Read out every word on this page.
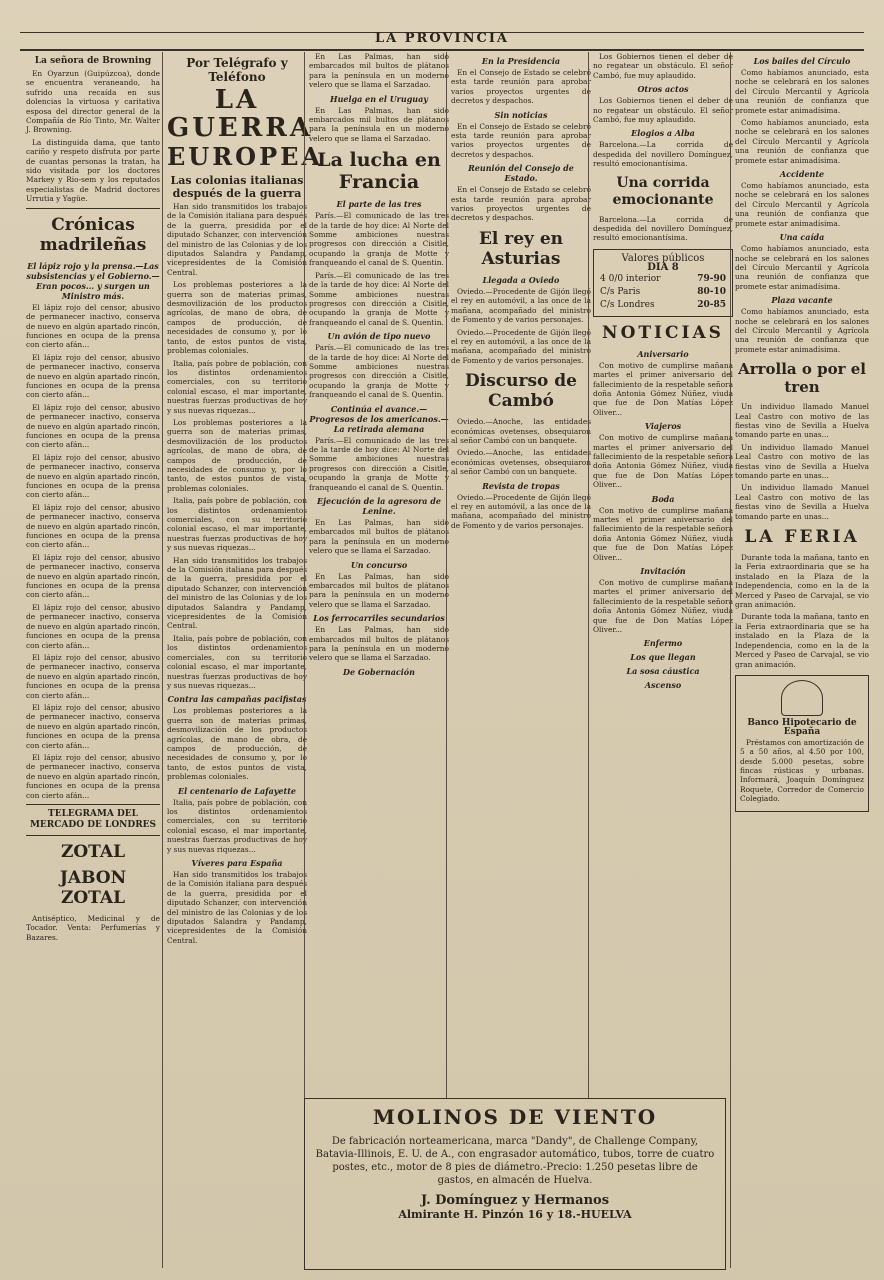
LA PROVINCIA
La señora de Browning

En Oyarzun (Guipúzcoa), donde se encuentra veraneando, ha sufrido una recaída en sus dolencias la virtuosa y caritativa esposa del director general de la Compañía de Río Tinto, Mr. Walter J. Browning.

La distinguida dama, que tanto cariño y respeto disfruta por parte de cuantas personas la tratan, ha sido visitada por los doctores Markey y Rio-sem y los reputados especialistas de Madrid doctores Urrutia y Yagüe.

Crónicas madrileñas
El lápiz rojo y la prensa.—Las subsistencias y el Gobierno.—Eran pocos... y surgen un Ministro más.

El lápiz rojo del censor, abusivo de permanecer inactivo, conserva de nuevo en algún apartado rincón, funciones en ocupa de la prensa con cierto afán...

El lápiz rojo del censor, abusivo de permanecer inactivo, conserva de nuevo en algún apartado rincón, funciones en ocupa de la prensa con cierto afán...

El lápiz rojo del censor, abusivo de permanecer inactivo, conserva de nuevo en algún apartado rincón, funciones en ocupa de la prensa con cierto afán...

El lápiz rojo del censor, abusivo de permanecer inactivo, conserva de nuevo en algún apartado rincón, funciones en ocupa de la prensa con cierto afán...

El lápiz rojo del censor, abusivo de permanecer inactivo, conserva de nuevo en algún apartado rincón, funciones en ocupa de la prensa con cierto afán...

El lápiz rojo del censor, abusivo de permanecer inactivo, conserva de nuevo en algún apartado rincón, funciones en ocupa de la prensa con cierto afán...

El lápiz rojo del censor, abusivo de permanecer inactivo, conserva de nuevo en algún apartado rincón, funciones en ocupa de la prensa con cierto afán...

El lápiz rojo del censor, abusivo de permanecer inactivo, conserva de nuevo en algún apartado rincón, funciones en ocupa de la prensa con cierto afán...

El lápiz rojo del censor, abusivo de permanecer inactivo, conserva de nuevo en algún apartado rincón, funciones en ocupa de la prensa con cierto afán...

El lápiz rojo del censor, abusivo de permanecer inactivo, conserva de nuevo en algún apartado rincón, funciones en ocupa de la prensa con cierto afán...

TELEGRAMA DEL MERCADO DE LONDRES
ZOTAL
JABON ZOTAL

Antiséptico, Medicinal y de Tocador. Venta: Perfumerías y Bazares.

Por Telégrafo y Teléfono
LA GUERRA
EUROPEA
Las colonias italianas después de la guerra

Han sido transmitidos los trabajos de la Comisión italiana para después de la guerra, presidida por el diputado Schanzer, con intervención del ministro de las Colonias y de los diputados Salandra y Pandamp, vicepresidentes de la Comisión Central.

Los problemas posteriores a la guerra son de materias primas, desmovilización de los productos agrícolas, de mano de obra, de campos de producción, de necesidades de consumo y, por lo tanto, de estos puntos de vista, problemas coloniales.

Italia, país pobre de población, con los distintos ordenamientos comerciales, con su territorio colonial escaso, el mar importante, nuestras fuerzas productivas de hoy y sus nuevas riquezas...

Los problemas posteriores a la guerra son de materias primas, desmovilización de los productos agrícolas, de mano de obra, de campos de producción, de necesidades de consumo y, por lo tanto, de estos puntos de vista, problemas coloniales.

Italia, país pobre de población, con los distintos ordenamientos comerciales, con su territorio colonial escaso, el mar importante, nuestras fuerzas productivas de hoy y sus nuevas riquezas...

Han sido transmitidos los trabajos de la Comisión italiana para después de la guerra, presidida por el diputado Schanzer, con intervención del ministro de las Colonias y de los diputados Salandra y Pandamp, vicepresidentes de la Comisión Central.

Italia, país pobre de población, con los distintos ordenamientos comerciales, con su territorio colonial escaso, el mar importante, nuestras fuerzas productivas de hoy y sus nuevas riquezas...

Contra las campañas pacifistas

Los problemas posteriores a la guerra son de materias primas, desmovilización de los productos agrícolas, de mano de obra, de campos de producción, de necesidades de consumo y, por lo tanto, de estos puntos de vista, problemas coloniales.

El centenario de Lafayette

Italia, país pobre de población, con los distintos ordenamientos comerciales, con su territorio colonial escaso, el mar importante, nuestras fuerzas productivas de hoy y sus nuevas riquezas...

Víveres para España

Han sido transmitidos los trabajos de la Comisión italiana para después de la guerra, presidida por el diputado Schanzer, con intervención del ministro de las Colonias y de los diputados Salandra y Pandamp, vicepresidentes de la Comisión Central.

En Las Palmas, han sido embarcados mil bultos de plátanos para la península en un moderno velero que se llama el Sarzadao.

Huelga en el Uruguay

En Las Palmas, han sido embarcados mil bultos de plátanos para la península en un moderno velero que se llama el Sarzadao.

La lucha en Francia
El parte de las tres

París.—El comunicado de las tres de la tarde de hoy dice: Al Norte del Somme ambiciones nuestras progresos con dirección a Cisitle, ocupando la granja de Motte y franqueando el canal de S. Quentin.

París.—El comunicado de las tres de la tarde de hoy dice: Al Norte del Somme ambiciones nuestras progresos con dirección a Cisitle, ocupando la granja de Motte y franqueando el canal de S. Quentin.

Un avión de tipo nuevo

París.—El comunicado de las tres de la tarde de hoy dice: Al Norte del Somme ambiciones nuestras progresos con dirección a Cisitle, ocupando la granja de Motte y franqueando el canal de S. Quentin.

Continúa el avance.—Progresos de los americanos.—La retirada alemana

París.—El comunicado de las tres de la tarde de hoy dice: Al Norte del Somme ambiciones nuestras progresos con dirección a Cisitle, ocupando la granja de Motte y franqueando el canal de S. Quentin.

Ejecución de la agresora de Lenine.

En Las Palmas, han sido embarcados mil bultos de plátanos para la península en un moderno velero que se llama el Sarzadao.

Un concurso

En Las Palmas, han sido embarcados mil bultos de plátanos para la península en un moderno velero que se llama el Sarzadao.

Los ferrocarriles secundarios

En Las Palmas, han sido embarcados mil bultos de plátanos para la península en un moderno velero que se llama el Sarzadao.

De Gobernación
En la Presidencia

En el Consejo de Estado se celebró esta tarde reunión para aprobar varios proyectos urgentes de decretos y despachos.

Sin noticias

En el Consejo de Estado se celebró esta tarde reunión para aprobar varios proyectos urgentes de decretos y despachos.

Reunión del Consejo de Estado.

En el Consejo de Estado se celebró esta tarde reunión para aprobar varios proyectos urgentes de decretos y despachos.

El rey en Asturias
Llegada a Oviedo

Oviedo.—Procedente de Gijón llegó el rey en automóvil, a las once de la mañana, acompañado del ministro de Fomento y de varios personajes.

Oviedo.—Procedente de Gijón llegó el rey en automóvil, a las once de la mañana, acompañado del ministro de Fomento y de varios personajes.

Discurso de Cambó

Oviedo.—Anoche, las entidades económicas ovetenses, obsequiaron al señor Cambó con un banquete.

Oviedo.—Anoche, las entidades económicas ovetenses, obsequiaron al señor Cambó con un banquete.

Revista de tropas

Oviedo.—Procedente de Gijón llegó el rey en automóvil, a las once de la mañana, acompañado del ministro de Fomento y de varios personajes.

Los Gobiernos tienen el deber de no regatear un obstáculo. El señor Cambó, fue muy aplaudido.

Otros actos

Los Gobiernos tienen el deber de no regatear un obstáculo. El señor Cambó, fue muy aplaudido.

Elogios a Alba

Barcelona.—La corrida de despedida del novillero Domínguez, resultó emocionantísima.

Una corrida emocionante

Barcelona.—La corrida de despedida del novillero Domínguez, resultó emocionantísima.

Valores públicos
DIA 8
4 0/0 interior	79-90
C/s Paris	80-10
C/s Londres	20-85
NOTICIAS
Aniversario

Con motivo de cumplirse mañana martes el primer aniversario del fallecimiento de la respetable señora doña Antonia Gómez Núñez, viuda que fue de Don Matías López Oliver...

Viajeros

Con motivo de cumplirse mañana martes el primer aniversario del fallecimiento de la respetable señora doña Antonia Gómez Núñez, viuda que fue de Don Matías López Oliver...

Boda

Con motivo de cumplirse mañana martes el primer aniversario del fallecimiento de la respetable señora doña Antonia Gómez Núñez, viuda que fue de Don Matías López Oliver...

Invitación

Con motivo de cumplirse mañana martes el primer aniversario del fallecimiento de la respetable señora doña Antonia Gómez Núñez, viuda que fue de Don Matías López Oliver...

Enfermo
Los que llegan
La sosa cáustica
Ascenso
Los bailes del Círculo

Como habíamos anunciado, esta noche se celebrará en los salones del Círculo Mercantil y Agrícola una reunión de confianza que promete estar animadísima.

Como habíamos anunciado, esta noche se celebrará en los salones del Círculo Mercantil y Agrícola una reunión de confianza que promete estar animadísima.

Accidente

Como habíamos anunciado, esta noche se celebrará en los salones del Círculo Mercantil y Agrícola una reunión de confianza que promete estar animadísima.

Una caída

Como habíamos anunciado, esta noche se celebrará en los salones del Círculo Mercantil y Agrícola una reunión de confianza que promete estar animadísima.

Plaza vacante

Como habíamos anunciado, esta noche se celebrará en los salones del Círculo Mercantil y Agrícola una reunión de confianza que promete estar animadísima.

Arrolla o por el tren

Un individuo llamado Manuel Leal Castro con motivo de las fiestas vino de Sevilla a Huelva tomando parte en unas...

Un individuo llamado Manuel Leal Castro con motivo de las fiestas vino de Sevilla a Huelva tomando parte en unas...

Un individuo llamado Manuel Leal Castro con motivo de las fiestas vino de Sevilla a Huelva tomando parte en unas...

LA FERIA

Durante toda la mañana, tanto en la Feria extraordinaria que se ha instalado en la Plaza de la Independencia, como en la de la Merced y Paseo de Carvajal, se vio gran animación.

Durante toda la mañana, tanto en la Feria extraordinaria que se ha instalado en la Plaza de la Independencia, como en la de la Merced y Paseo de Carvajal, se vio gran animación.

Banco Hipotecario de España

Préstamos con amortización de 5 a 50 años, al 4.50 por 100, desde 5.000 pesetas, sobre fincas rústicas y urbanas. Informará, Joaquín Domínguez Roquete, Corredor de Comercio Colegiado.

MOLINOS DE VIENTO
De fabricación norteamericana, marca "Dandy", de Challenge Company, Batavia-Illinois, E. U. de A., con engrasador automático, tubos, torre de cuatro postes, etc., motor de 8 pies de diámetro.-Precio: 1.250 pesetas libre de gastos, en almacén de Huelva.
J. Domínguez y Hermanos
Almirante H. Pinzón 16 y 18.-HUELVA
